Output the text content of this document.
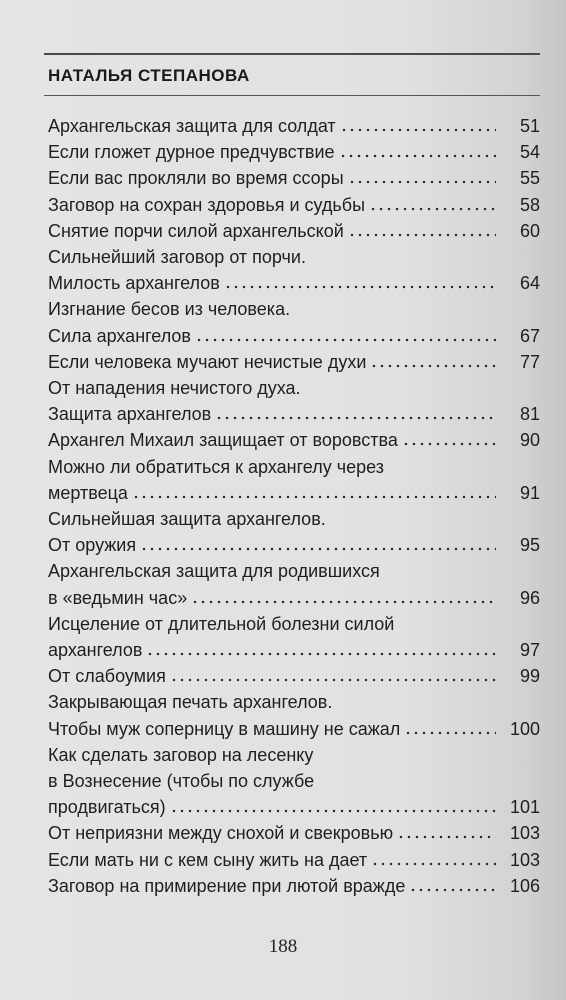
НАТАЛЬЯ СТЕПАНОВА
Архангельская защита для солдат	51
Если гложет дурное предчувствие	54
Если вас прокляли во время ссоры	55
Заговор на сохран здоровья и судьбы	58
Снятие порчи силой архангельской	60
Сильнейший заговор от порчи.
Милость архангелов	64
Изгнание бесов из человека.
Сила архангелов	67
Если человека мучают нечистые духи	77
От нападения нечистого духа.
Защита архангелов	81
Архангел Михаил защищает от воровства	90
Можно ли обратиться к архангелу через
мертвеца	91
Сильнейшая защита архангелов.
От оружия	95
Архангельская защита для родившихся
в «ведьмин час»	96
Исцеление от длительной болезни силой
архангелов	97
От слабоумия	99
Закрывающая печать архангелов.
Чтобы муж соперницу в машину не сажал	100
Как сделать заговор на лесенку
в Вознесение (чтобы по службе
продвигаться)	101
От неприязни между снохой и свекровью	103
Если мать ни с кем сыну жить на дает	103
Заговор на примирение при лютой вражде	106
188
